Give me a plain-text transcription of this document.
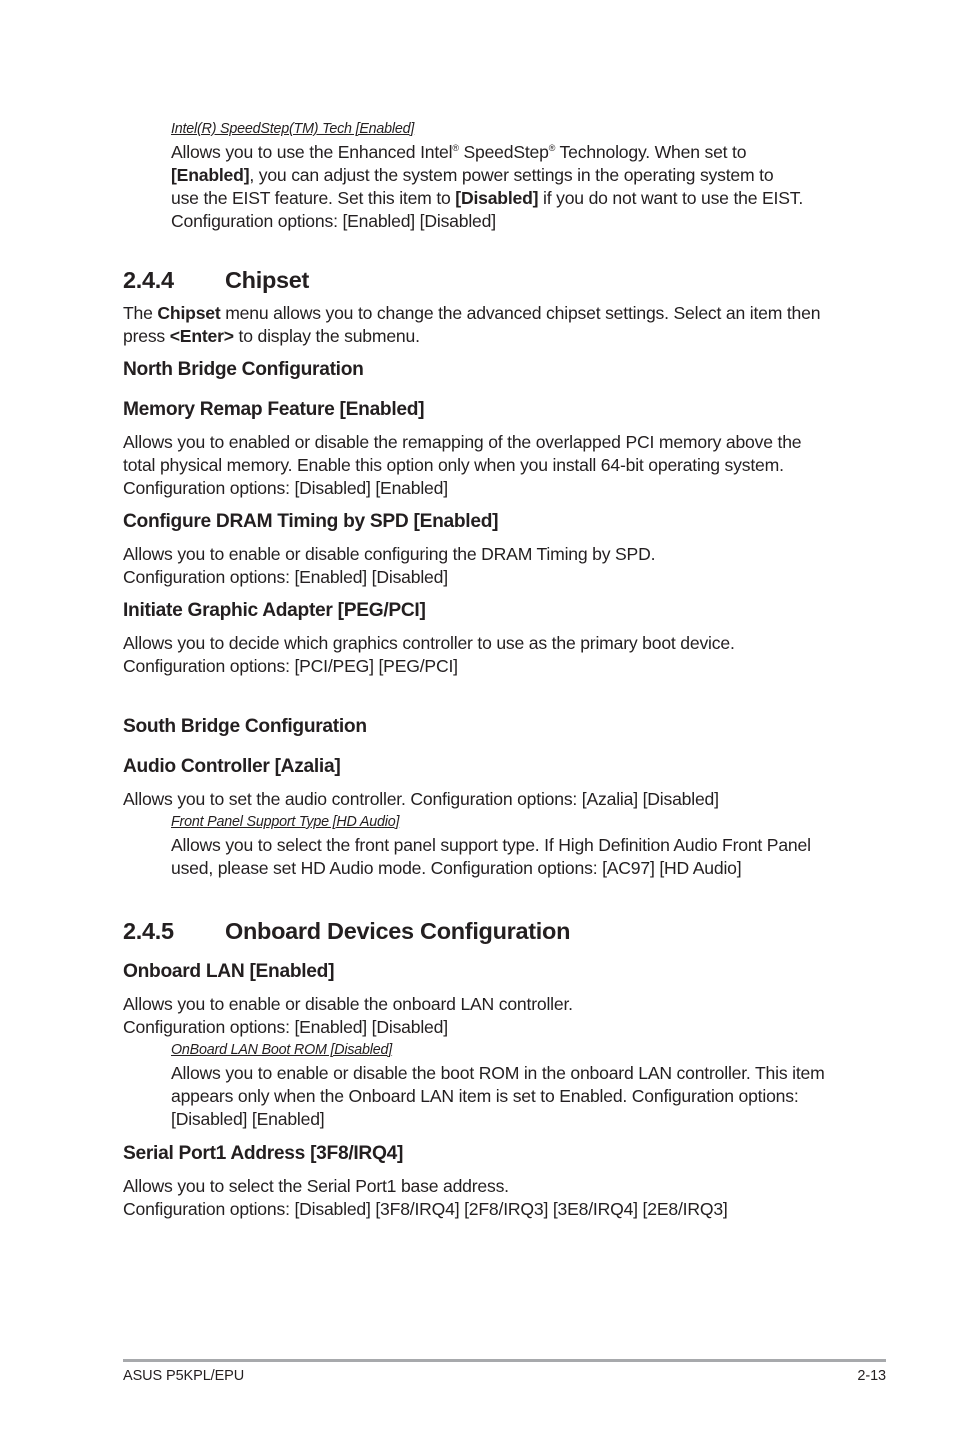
Intel(R) SpeedStep(TM) Tech [Enabled]
Allows you to use the Enhanced Intel® SpeedStep® Technology. When set to
[Enabled], you can adjust the system power settings in the operating system to
use the EIST feature. Set this item to [Disabled] if you do not want to use the EIST.
Configuration options: [Enabled] [Disabled]
2.4.4 Chipset
The Chipset menu allows you to change the advanced chipset settings. Select an item then
press <Enter> to display the submenu.
North Bridge Configuration
Memory Remap Feature [Enabled]
Allows you to enabled or disable the remapping of the overlapped PCI memory above the
total physical memory. Enable this option only when you install 64-bit operating system.
Configuration options: [Disabled] [Enabled]
Configure DRAM Timing by SPD [Enabled]
Allows you to enable or disable configuring the DRAM Timing by SPD.
Configuration options: [Enabled] [Disabled]
Initiate Graphic Adapter [PEG/PCI]
Allows you to decide which graphics controller to use as the primary boot device.
Configuration options: [PCI/PEG] [PEG/PCI]
South Bridge Configuration
Audio Controller [Azalia]
Allows you to set the audio controller. Configuration options: [Azalia] [Disabled]
Front Panel Support Type [HD Audio]
Allows you to select the front panel support type. If High Definition Audio Front Panel
used, please set HD Audio mode. Configuration options: [AC97] [HD Audio]
2.4.5 Onboard Devices Configuration
Onboard LAN [Enabled]
Allows you to enable or disable the onboard LAN controller.
Configuration options: [Enabled] [Disabled]
OnBoard LAN Boot ROM [Disabled]
Allows you to enable or disable the boot ROM in the onboard LAN controller. This item
appears only when the Onboard LAN item is set to Enabled. Configuration options:
[Disabled] [Enabled]
Serial Port1 Address [3F8/IRQ4]
Allows you to select the Serial Port1 base address.
Configuration options: [Disabled] [3F8/IRQ4] [2F8/IRQ3] [3E8/IRQ4] [2E8/IRQ3]
ASUS P5KPL/EPU	2-13
